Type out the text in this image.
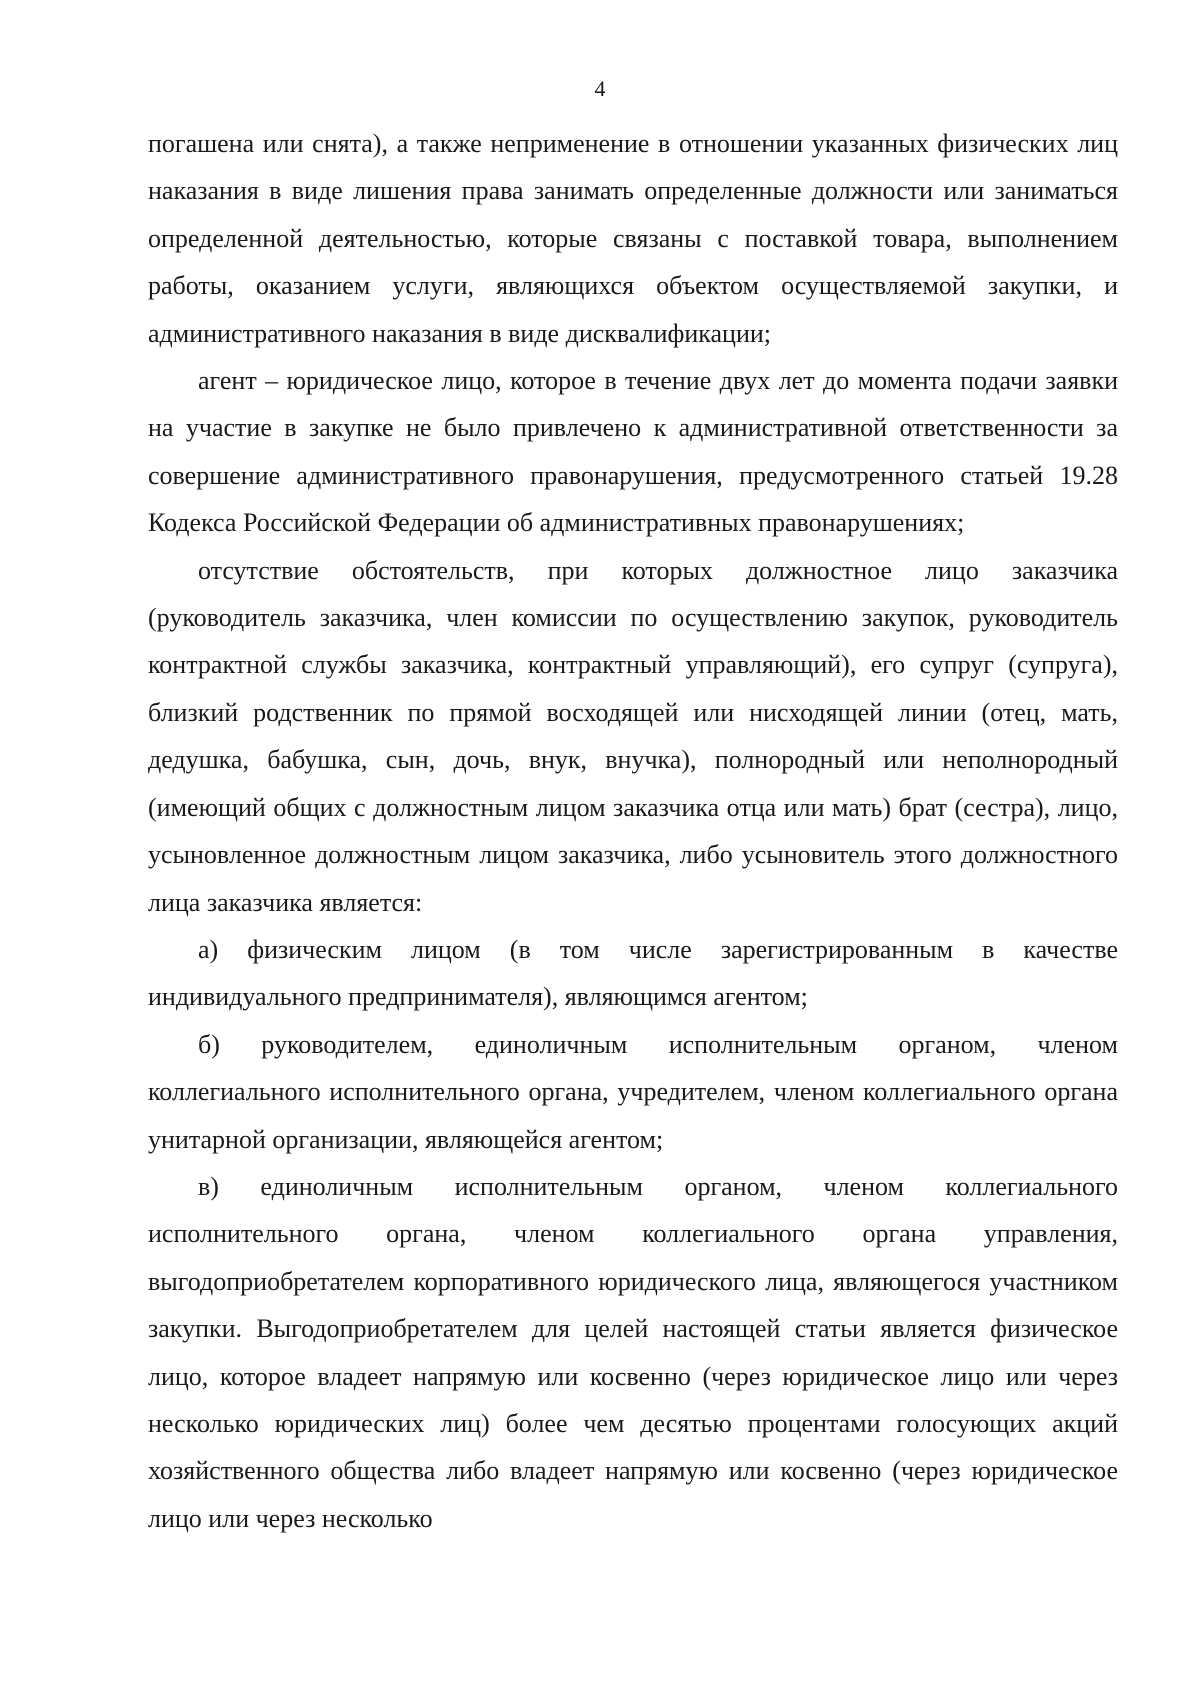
4

погашена или снята), а также неприменение в отношении указанных физических лиц наказания в виде лишения права занимать определенные должности или заниматься определенной деятельностью, которые связаны с поставкой товара, выполнением работы, оказанием услуги, являющихся объектом осуществляемой закупки, и административного наказания в виде дисквалификации;

агент – юридическое лицо, которое в течение двух лет до момента подачи заявки на участие в закупке не было привлечено к административной ответственности за совершение административного правонарушения, предусмотренного статьей 19.28 Кодекса Российской Федерации об административных правонарушениях;

отсутствие обстоятельств, при которых должностное лицо заказчика (руководитель заказчика, член комиссии по осуществлению закупок, руководитель контрактной службы заказчика, контрактный управляющий), его супруг (супруга), близкий родственник по прямой восходящей или нисходящей линии (отец, мать, дедушка, бабушка, сын, дочь, внук, внучка), полнородный или неполнородный (имеющий общих с должностным лицом заказчика отца или мать) брат (сестра), лицо, усыновленное должностным лицом заказчика, либо усыновитель этого должностного лица заказчика является:

а) физическим лицом (в том числе зарегистрированным в качестве индивидуального предпринимателя), являющимся агентом;

б) руководителем, единоличным исполнительным органом, членом коллегиального исполнительного органа, учредителем, членом коллегиального органа унитарной организации, являющейся агентом;

в) единоличным исполнительным органом, членом коллегиального исполнительного органа, членом коллегиального органа управления, выгодоприобретателем корпоративного юридического лица, являющегося участником закупки. Выгодоприобретателем для целей настоящей статьи является физическое лицо, которое владеет напрямую или косвенно (через юридическое лицо или через несколько юридических лиц) более чем десятью процентами голосующих акций хозяйственного общества либо владеет напрямую или косвенно (через юридическое лицо или через несколько
